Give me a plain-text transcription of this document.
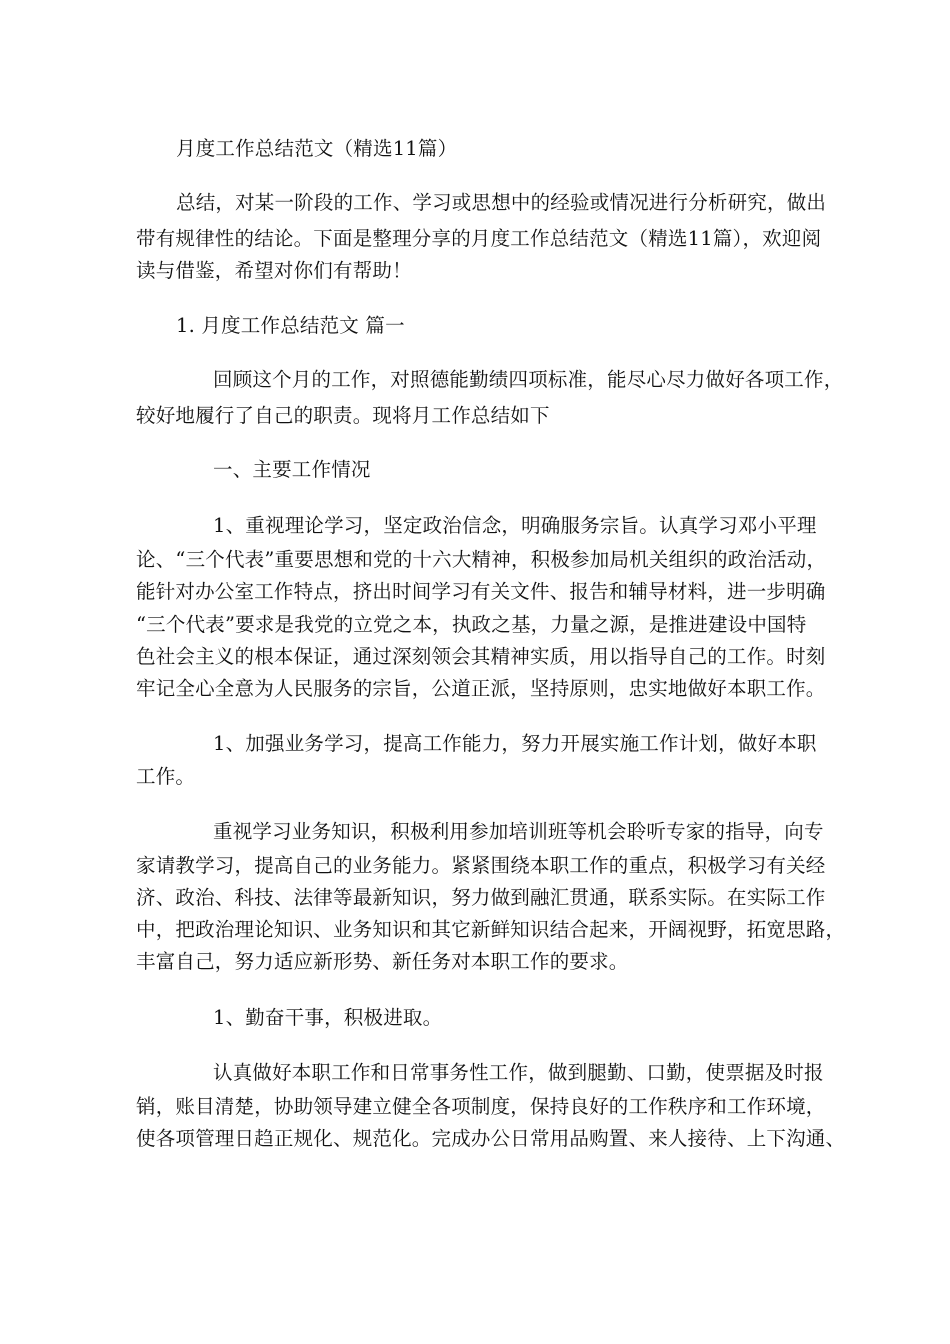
月度工作总结范文（精选11篇）
总结，对某一阶段的工作、学习或思想中的经验或情况进行分析研究，做出
带有规律性的结论。下面是整理分享的月度工作总结范文（精选11篇），欢迎阅
读与借鉴，希望对你们有帮助！
1. 月度工作总结范文 篇一
回顾这个月的工作，对照德能勤绩四项标准，能尽心尽力做好各项工作，
较好地履行了自己的职责。现将月工作总结如下
一、主要工作情况
1、重视理论学习，坚定政治信念，明确服务宗旨。认真学习邓小平理
论、“三个代表”重要思想和党的十六大精神，积极参加局机关组织的政治活动，
能针对办公室工作特点，挤出时间学习有关文件、报告和辅导材料，进一步明确
“三个代表”要求是我党的立党之本，执政之基，力量之源，是推进建设中国特
色社会主义的根本保证，通过深刻领会其精神实质，用以指导自己的工作。时刻
牢记全心全意为人民服务的宗旨，公道正派，坚持原则，忠实地做好本职工作。
1、加强业务学习，提高工作能力，努力开展实施工作计划，做好本职
工作。
重视学习业务知识，积极利用参加培训班等机会聆听专家的指导，向专
家请教学习，提高自己的业务能力。紧紧围绕本职工作的重点，积极学习有关经
济、政治、科技、法律等最新知识，努力做到融汇贯通，联系实际。在实际工作
中，把政治理论知识、业务知识和其它新鲜知识结合起来，开阔视野，拓宽思路，
丰富自己，努力适应新形势、新任务对本职工作的要求。
1、勤奋干事，积极进取。
认真做好本职工作和日常事务性工作，做到腿勤、口勤，使票据及时报
销，账目清楚，协助领导建立健全各项制度，保持良好的工作秩序和工作环境，
使各项管理日趋正规化、规范化。完成办公日常用品购置、来人接待、上下沟通、
